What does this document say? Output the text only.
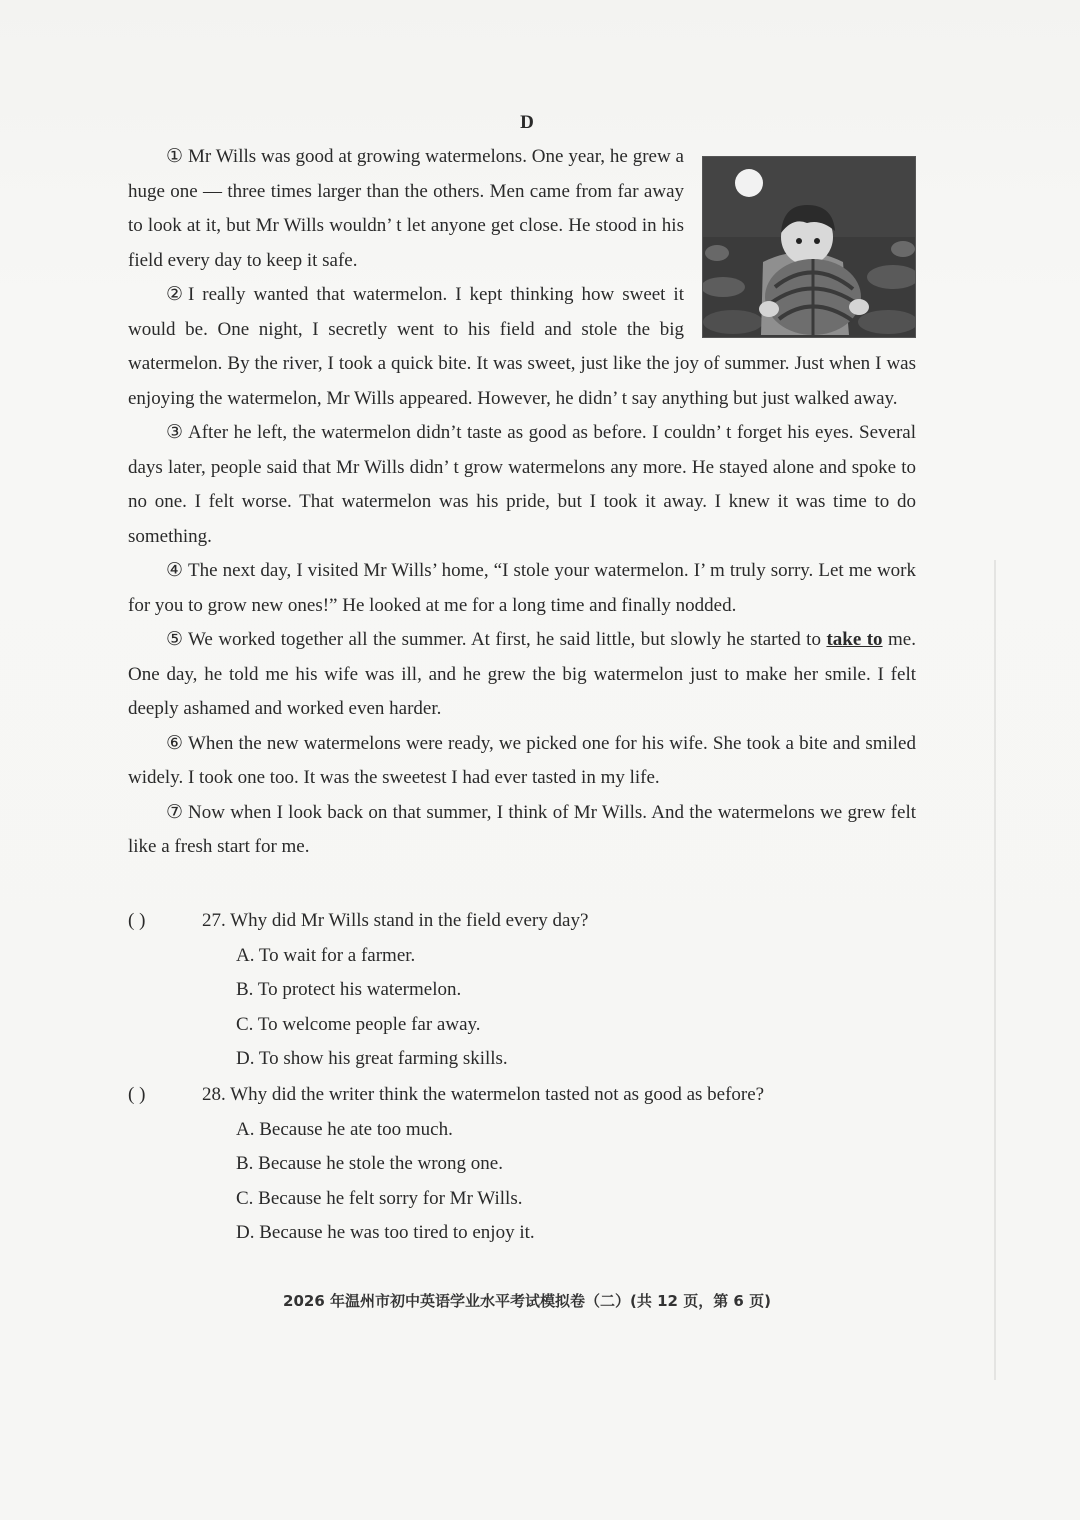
D

① Mr Wills was good at growing watermelons. One year, he grew a huge one — three times larger than the others. Men came from far away to look at it, but Mr Wills wouldn’ t let anyone get close. He stood in his field every day to keep it safe.

② I really wanted that watermelon. I kept thinking how sweet it would be. One night, I secretly went to his field and stole the big watermelon. By the river, I took a quick bite. It was sweet, just like the joy of summer. Just when I was enjoying the watermelon, Mr Wills appeared. However, he didn’ t say anything but just walked away.

③ After he left, the watermelon didn’t taste as good as before. I couldn’ t forget his eyes. Several days later, people said that Mr Wills didn’ t grow watermelons any more. He stayed alone and spoke to no one. I felt worse. That watermelon was his pride, but I took it away. I knew it was time to do something.

④ The next day, I visited Mr Wills’ home, “I stole your watermelon. I’ m truly sorry. Let me work for you to grow new ones!” He looked at me for a long time and finally nodded.

⑤ We worked together all the summer. At first, he said little, but slowly he started to take to me. One day, he told me his wife was ill, and he grew the big watermelon just to make her smile. I felt deeply ashamed and worked even harder.

⑥ When the new watermelons were ready, we picked one for his wife. She took a bite and smiled widely. I took one too. It was the sweetest I had ever tasted in my life.

⑦ Now when I look back on that summer, I think of Mr Wills. And the watermelons we grew felt like a fresh start for me.

( )	27. Why did Mr Wills stand in the field every day?
A. To wait for a farmer.
B. To protect his watermelon.
C. To welcome people far away.
D. To show his great farming skills.
( )	28. Why did the writer think the watermelon tasted not as good as before?
A. Because he ate too much.
B. Because he stole the wrong one.
C. Because he felt sorry for Mr Wills.
D. Because he was too tired to enjoy it.
2026 年温州市初中英语学业水平考试模拟卷（二）(共 12 页，第 6 页)
